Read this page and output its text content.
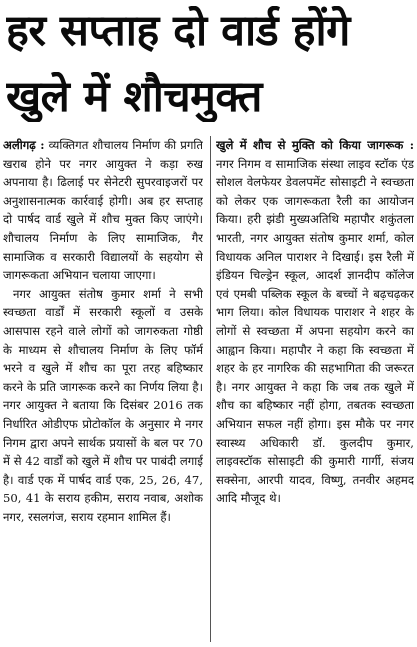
हर सप्ताह दो वार्ड होंगे
खुले में शौचमुक्त

अलीगढ़ : व्यक्तिगत शौचालय निर्माण की प्रगति खराब होने पर नगर आयुक्त ने कड़ा रुख अपनाया है। ढिलाई पर सेनेटरी सुपरवाइजरों पर अनुशासनात्मक कार्रवाई होगी। अब हर सप्ताह दो पार्षद वार्ड खुले में शौच मुक्त किए जाएंगे। शौचालय निर्माण के लिए सामाजिक, गैर सामाजिक व सरकारी विद्यालयों के सहयोग से जागरूकता अभियान चलाया जाएगा।

नगर आयुक्त संतोष कुमार शर्मा ने सभी स्वच्छता वार्डों में सरकारी स्कूलों व उसके आसपास रहने वाले लोगों को जागरुकता गोष्ठी के माध्यम से शौचालय निर्माण के लिए फॉर्म भरने व खुले में शौच का पूरा तरह बहिष्कार करने के प्रति जागरूक करने का निर्णय लिया है। नगर आयुक्त ने बताया कि दिसंबर 2016 तक निर्धारित ओडीएफ प्रोटोकॉल के अनुसार मे नगर निगम द्वारा अपने सार्थक प्रयासों के बल पर 70 में से 42 वार्डों को खुले में शौच पर पाबंदी लगाई है। वार्ड एक में पार्षद वार्ड एक, 25, 26, 47, 50, 41 के सराय हकीम, सराय नवाब, अशोक नगर, रसलगंज, सराय रहमान शामिल हैं।

खुले में शौच से मुक्ति को किया जागरूक : नगर निगम व सामाजिक संस्था लाइव स्टॉक एंड सोशल वेलफेयर डेवलपमेंट सोसाइटी ने स्वच्छता को लेकर एक जागरूकता रैली का आयोजन किया। हरी झंडी मुख्यअतिथि महापौर शकुंतला भारती, नगर आयुक्त संतोष कुमार शर्मा, कोल विधायक अनिल पाराशर ने दिखाई। इस रैली में इंडियन चिल्ड्रेन स्कूल, आदर्श ज्ञानदीप कॉलेज एवं एमबी पब्लिक स्कूल के बच्चों ने बढ़चढ़कर भाग लिया। कोल विधायक पाराशर ने शहर के लोगों से स्वच्छता में अपना सहयोग करने का आह्वान किया। महापौर ने कहा कि स्वच्छता में शहर के हर नागरिक की सहभागिता की जरूरत है। नगर आयुक्त ने कहा कि जब तक खुले में शौच का बहिष्कार नहीं होगा, तबतक स्वच्छता अभियान सफल नहीं होगा। इस मौके पर नगर स्वास्थ्य अधिकारी डॉ. कुलदीप कुमार, लाइवस्टॉक सोसाइटी की कुमारी गार्गी, संजय सक्सेना, आरपी यादव, विष्णु, तनवीर अहमद आदि मौजूद थे।
